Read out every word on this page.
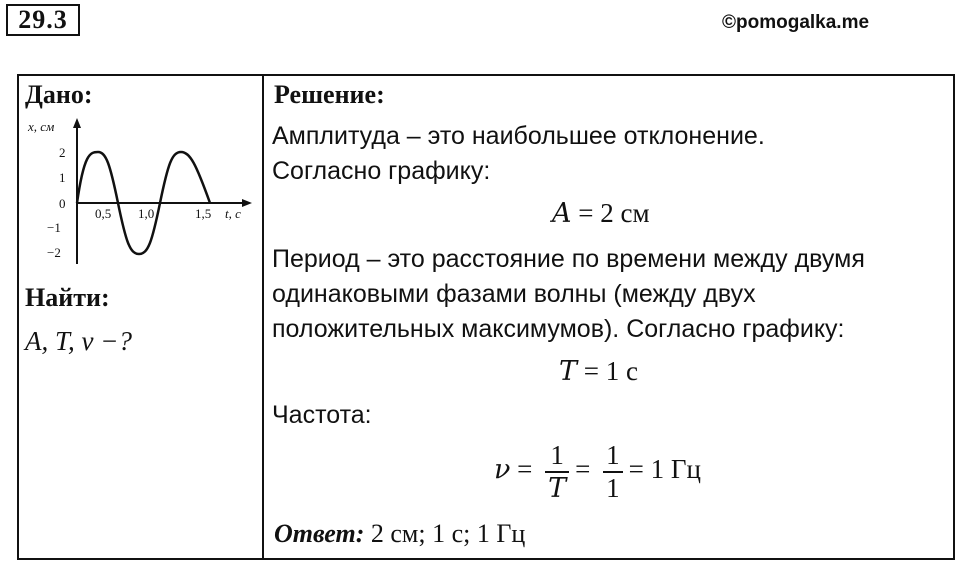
29.3	©pomogalka.me
Дано:
x, см
2
1
0
−1
−2
0,5 1,0	1,5 t, с
Найти:
A, T, ν −?
Решение:
Амплитуда – это наибольшее отклонение.
Согласно графику:
A = 2 см
Период – это расстояние по времени между двумя
одинаковыми фазами волны (между двух
положительных максимумов). Согласно графику:
T = 1 с
Частота:
$\nu = \frac{1}{T} = \frac{1}{1} = 1$ Гц
Ответ: 2 см; 1 с; 1 Гц
